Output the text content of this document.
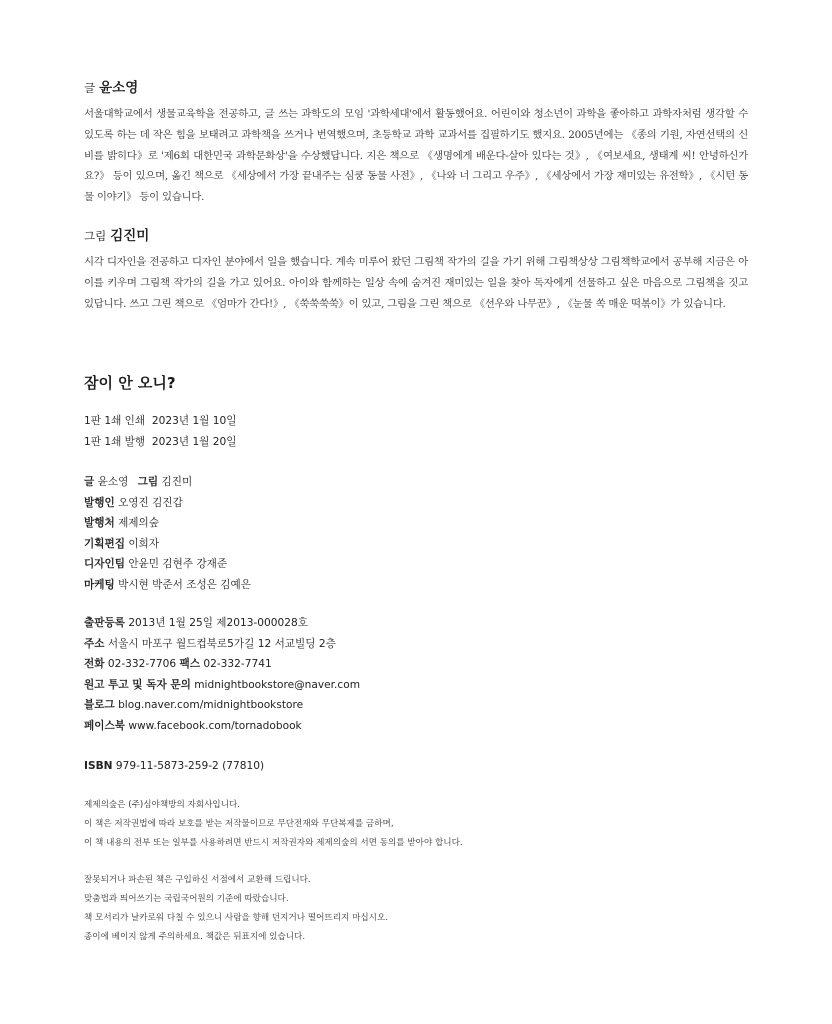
글 윤소영
서울대학교에서 생물교육학을 전공하고, 글 쓰는 과학도의 모임 '과학세대'에서 활동했어요. 어린이와 청소년이 과학을 좋아하고 과학자처럼 생각할 수 있도록 하는 데 작은 힘을 보태려고 과학책을 쓰거나 번역했으며, 초등학교 과학 교과서를 집필하기도 했지요. 2005년에는 《종의 기원, 자연선택의 신비를 밝히다》로 '제6회 대한민국 과학문화상'을 수상했답니다. 지은 책으로 《생명에게 배운다-살아 있다는 것》, 《여보세요, 생태계 씨! 안녕하신가요?》 등이 있으며, 옮긴 책으로 《세상에서 가장 끝내주는 심쿵 동물 사전》, 《나와 너 그리고 우주》, 《세상에서 가장 재미있는 유전학》, 《시턴 동물 이야기》 등이 있습니다.
그림 김진미
시각 디자인을 전공하고 디자인 분야에서 일을 했습니다. 계속 미루어 왔던 그림책 작가의 길을 가기 위해 그림책상상 그림책학교에서 공부해 지금은 아이를 키우며 그림책 작가의 길을 가고 있어요. 아이와 함께하는 일상 속에 숨겨진 재미있는 일을 찾아 독자에게 선물하고 싶은 마음으로 그림책을 짓고 있답니다. 쓰고 그린 책으로 《엄마가 간다!》, 《쑥쑥쑥쑥》이 있고, 그림을 그린 책으로 《선우와 나무꾼》, 《눈물 쏙 매운 떡볶이》가 있습니다.
잠이 안 오니?
1판 1쇄 인쇄  2023년 1월 10일
1판 1쇄 발행  2023년 1월 20일
글 윤소영 그림 김진미
발행인 오영진 김진갑
발행처 제제의숲
기획편집 이희자
디자인팀 안윤민 김현주 강재준
마케팅 박시현 박준서 조성은 김예은
출판등록 2013년 1월 25일 제2013-000028호
주소 서울시 마포구 월드컵북로5가길 12 서교빌딩 2층
전화 02-332-7706 팩스 02-332-7741
원고 투고 및 독자 문의 midnightbookstore@naver.com
블로그 blog.naver.com/midnightbookstore
페이스북 www.facebook.com/tornadobook
ISBN 979-11-5873-259-2 (77810)
제제의숲은 (주)심야책방의 자회사입니다.
이 책은 저작권법에 따라 보호를 받는 저작물이므로 무단전재와 무단복제를 금하며,
이 책 내용의 전부 또는 일부를 사용하려면 반드시 저작권자와 제제의숲의 서면 동의를 받아야 합니다.
잘못되거나 파손된 책은 구입하신 서점에서 교환해 드립니다.
맞춤법과 띄어쓰기는 국립국어원의 기준에 따랐습니다.
책 모서리가 날카로워 다칠 수 있으니 사람을 향해 던지거나 떨어뜨리지 마십시오.
종이에 베이지 않게 주의하세요. 책값은 뒤표지에 있습니다.
